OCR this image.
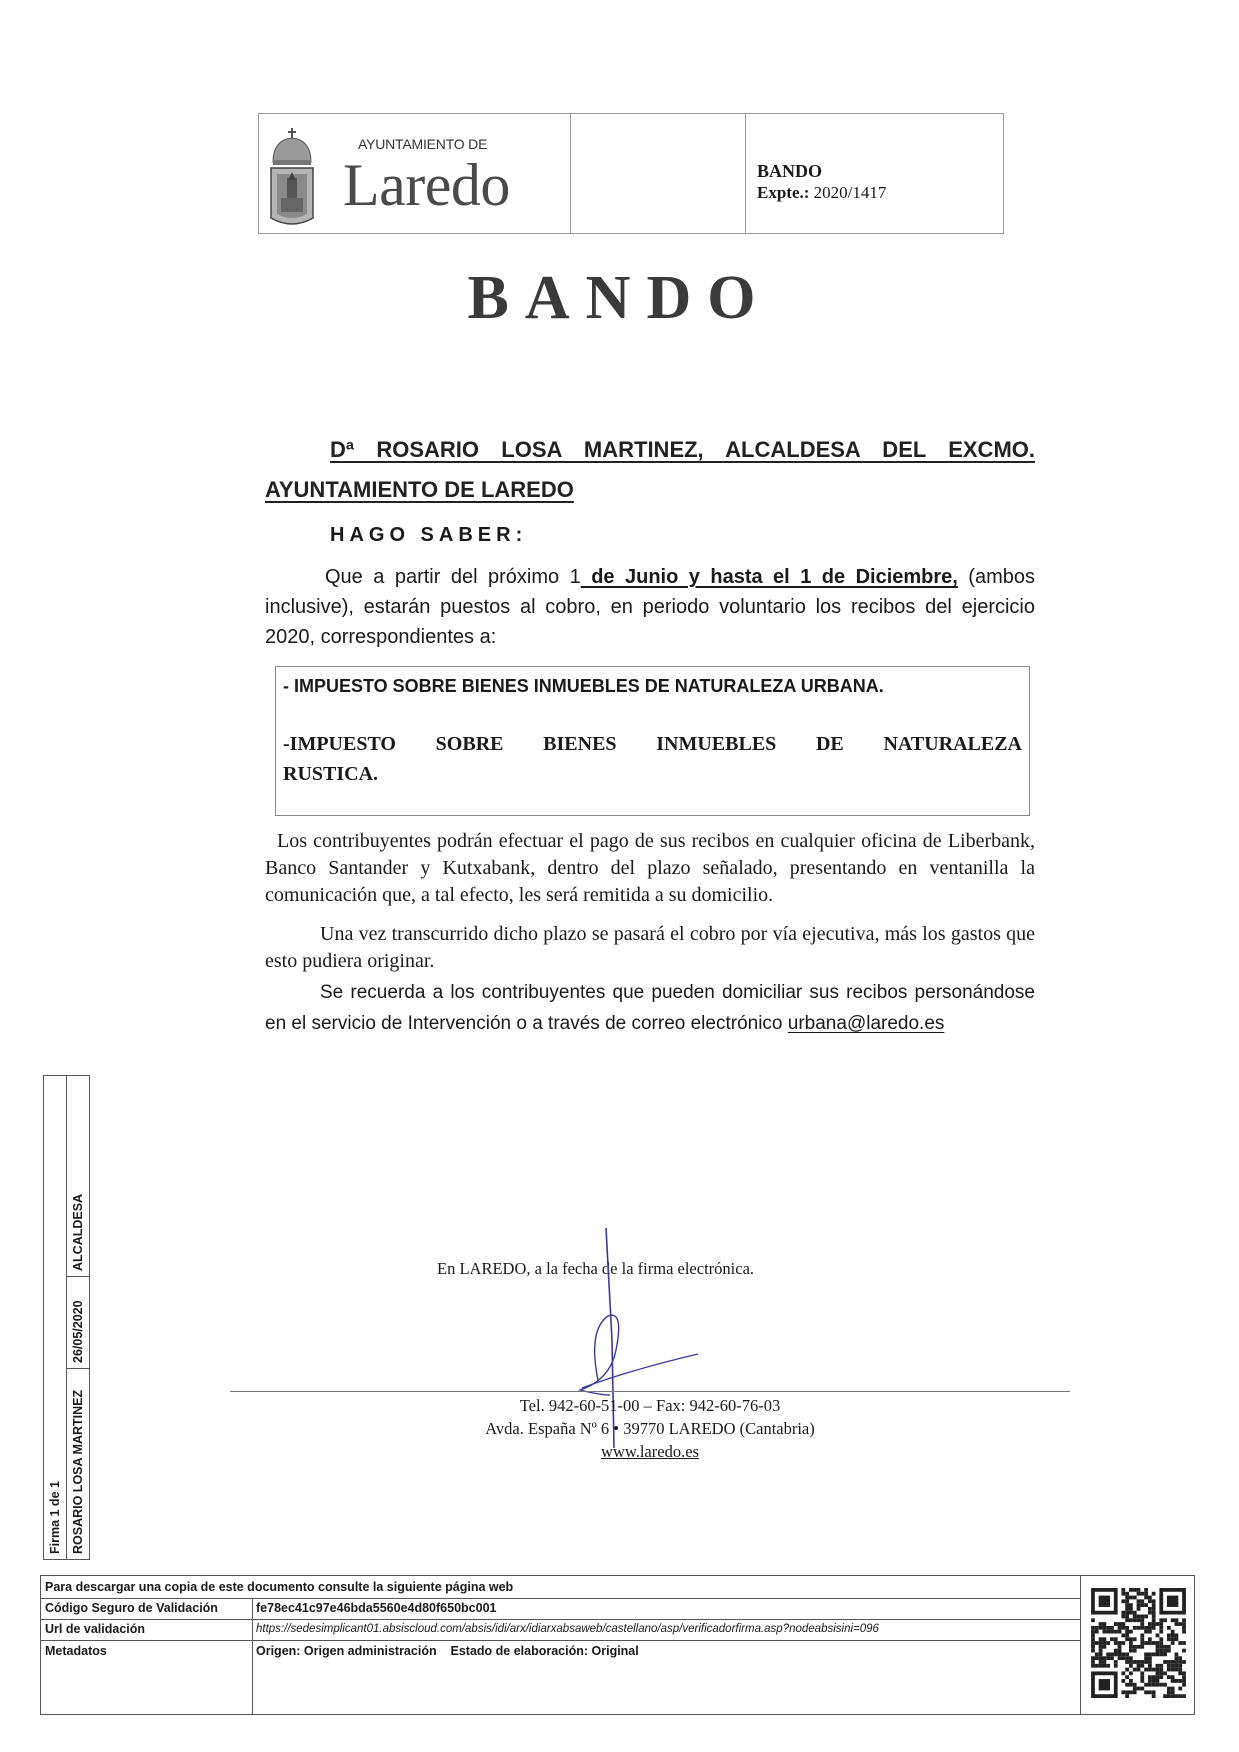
AYUNTAMIENTO DE
Laredo	BANDO
Expte.: 2020/1417
BANDO
Dª ROSARIO LOSA MARTINEZ, ALCALDESA DEL EXCMO.
AYUNTAMIENTO DE LAREDO
HAGO SABER:
Que a partir del próximo 1 de Junio y hasta el 1 de Diciembre, (ambos inclusive), estarán puestos al cobro, en periodo voluntario los recibos del ejercicio 2020, correspondientes a:
- IMPUESTO SOBRE BIENES INMUEBLES DE NATURALEZA URBANA.
-IMPUESTO SOBRE BIENES INMUEBLES DE NATURALEZA
RUSTICA.
Los contribuyentes podrán efectuar el pago de sus recibos en cualquier oficina de Liberbank, Banco Santander y Kutxabank, dentro del plazo señalado, presentando en ventanilla la comunicación que, a tal efecto, les será remitida a su domicilio.
Una vez transcurrido dicho plazo se pasará el cobro por vía ejecutiva, más los gastos que esto pudiera originar.
Se recuerda a los contribuyentes que pueden domiciliar sus recibos personándose en el servicio de Intervención o a través de correo electrónico urbana@laredo.es
En LAREDO, a la fecha de la firma electrónica.
Tel. 942-60-51-00 – Fax: 942-60-76-03
Avda. España Nº 6 • 39770 LAREDO (Cantabria)
www.laredo.es
Firma 1 de 1 ROSARIO LOSA MARTINEZ
26/05/2020
ALCALDESA
Para descargar una copia de este documento consulte la siguiente página web
Código Seguro de Validación	fe78ec41c97e46bda5560e4d80f650bc001
Url de validación	https://sedesimplicant01.absiscloud.com/absis/idi/arx/idiarxabsaweb/castellano/asp/verificadorfirma.asp?nodeabsisini=096
Metadatos	Origen: Origen administración Estado de elaboración: Original
